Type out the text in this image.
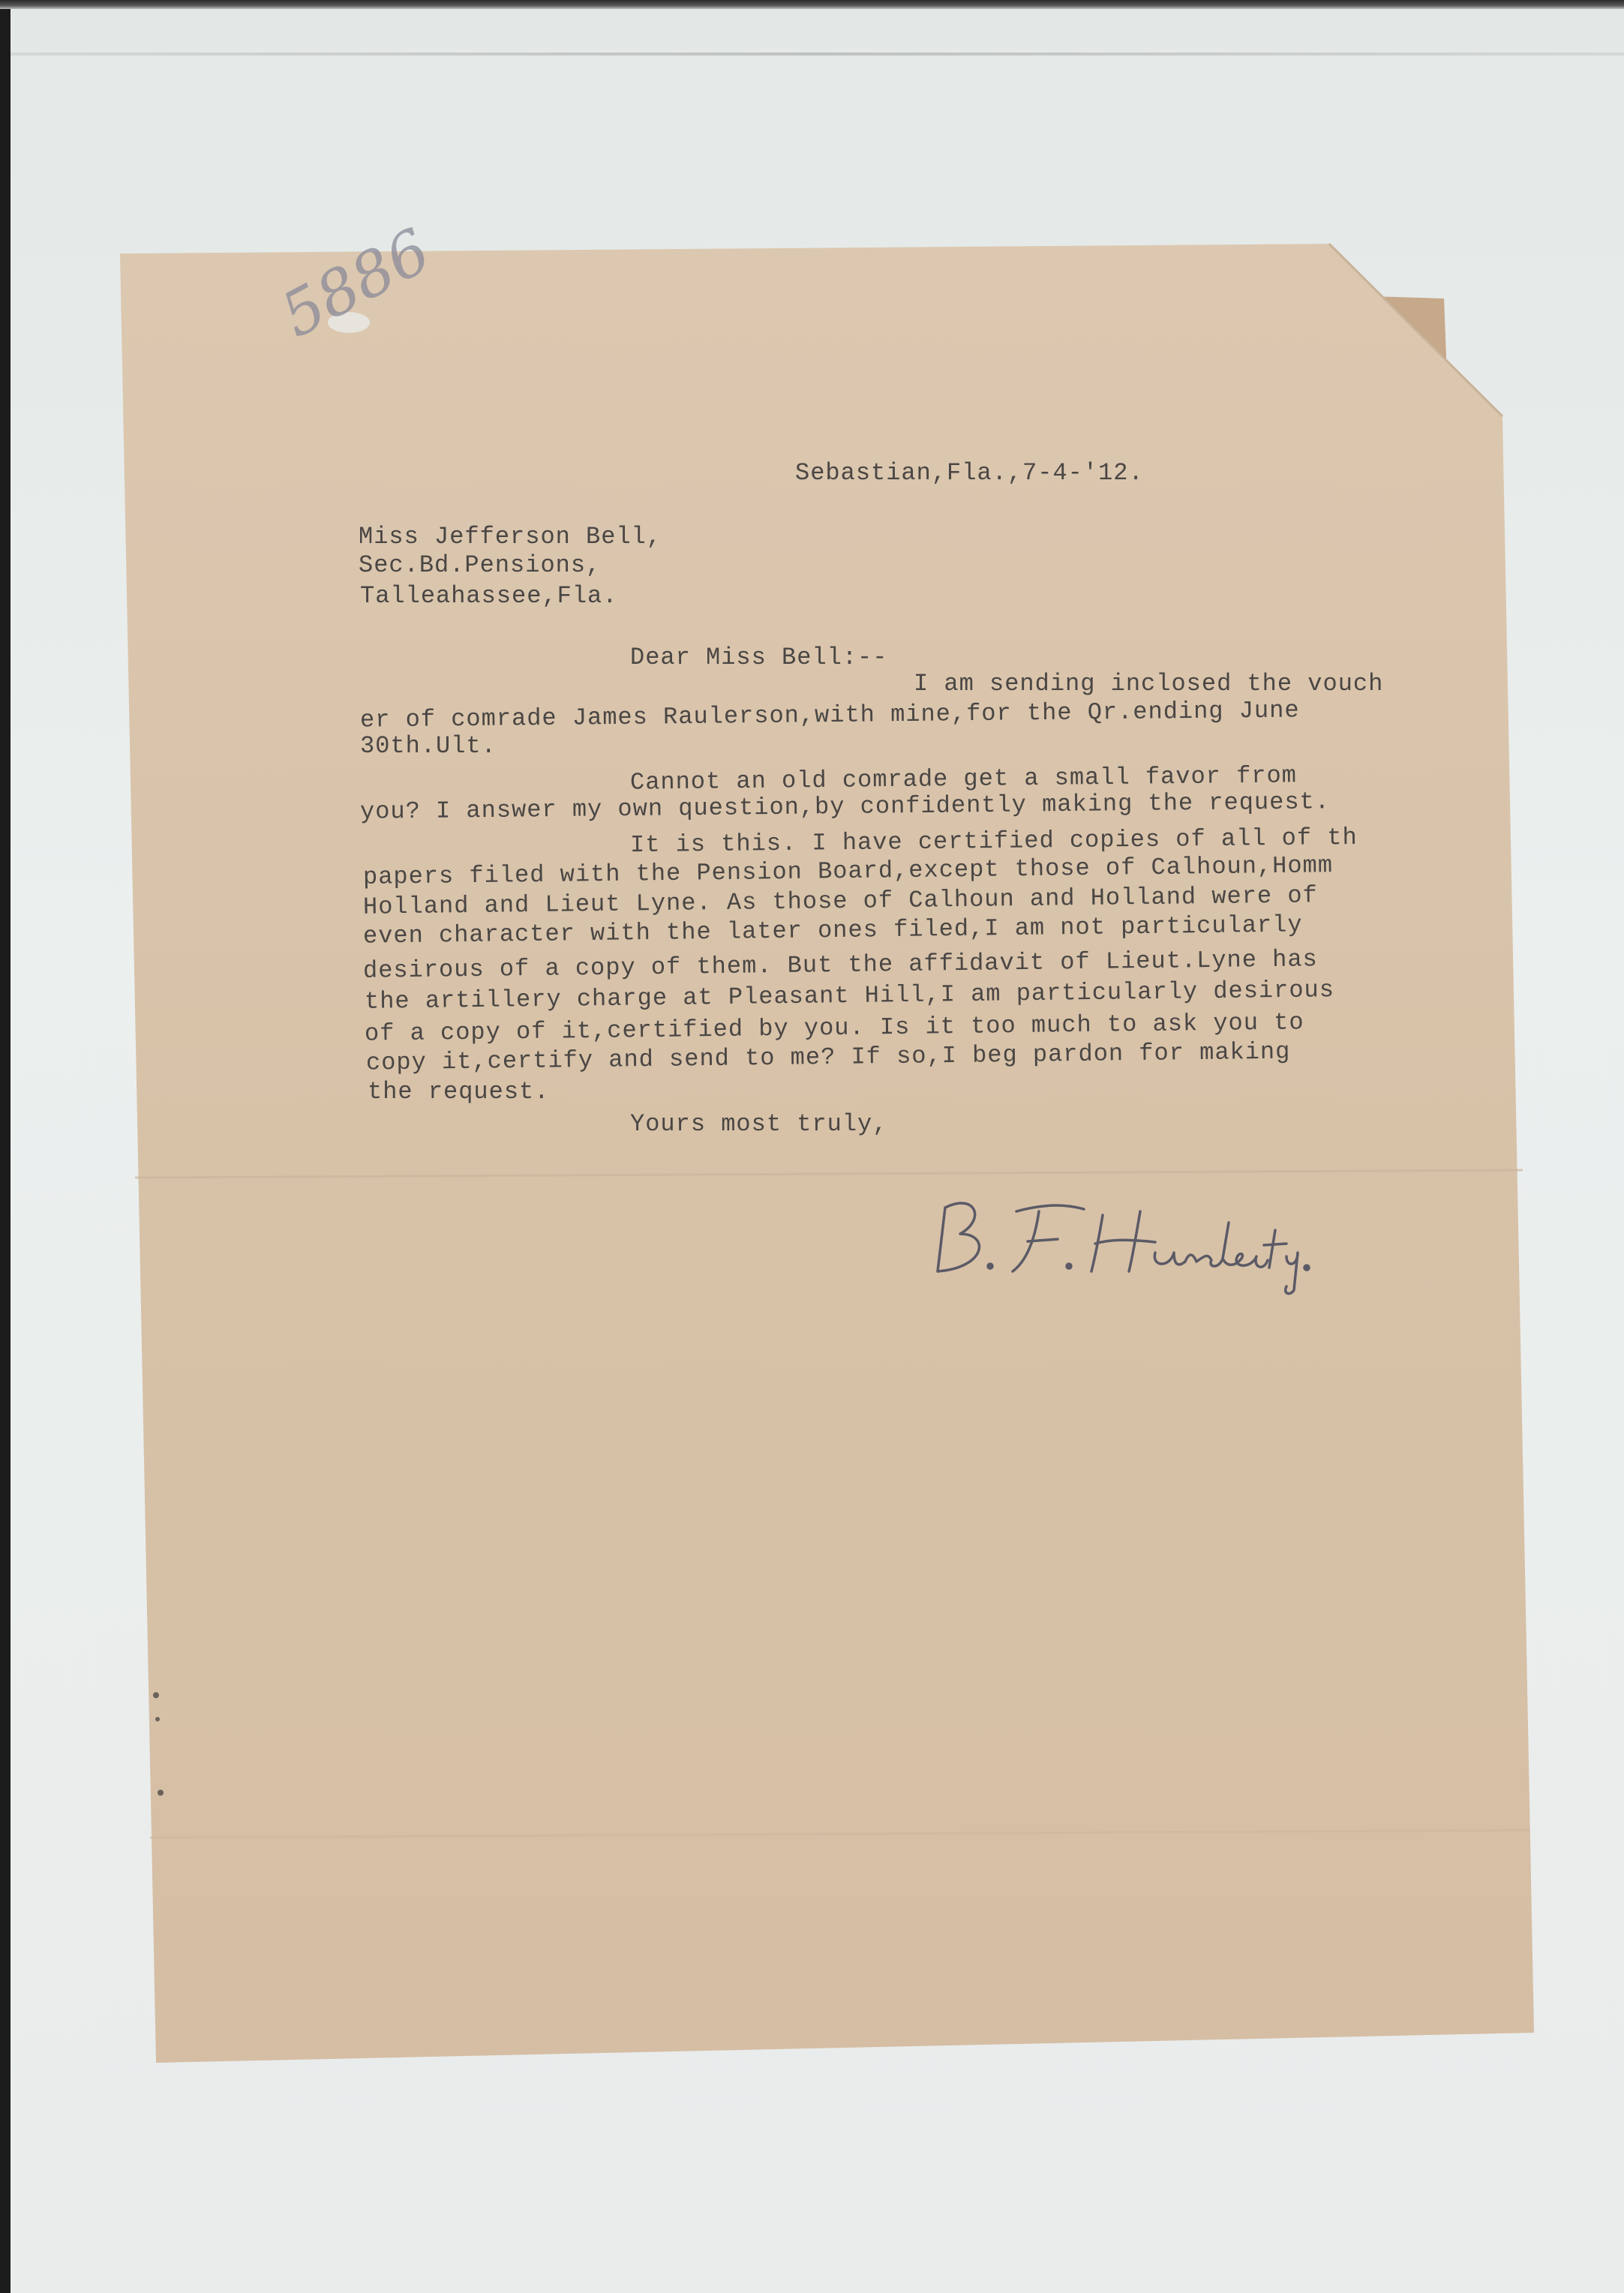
5886
Sebastian,Fla.,7-4-'12.
Miss Jefferson Bell,
Sec.Bd.Pensions,
Talleahassee,Fla.
Dear Miss Bell:--
I am sending inclosed the vouch
er of comrade James Raulerson,with mine,for the Qr.ending June
30th.Ult.
Cannot an old comrade get a small favor from
you? I answer my own question,by confidently making the request.
It is this. I have certified copies of all of th
papers filed with the Pension Board,except those of Calhoun,Homm
Holland and Lieut Lyne. As those of Calhoun and Holland were of
even character with the later ones filed,I am not particularly
desirous of a copy of them. But the affidavit of Lieut.Lyne has
the artillery charge at Pleasant Hill,I am particularly desirous
of a copy of it,certified by you. Is it too much to ask you to
copy it,certify and send to me? If so,I beg pardon for making
the request.
Yours most truly,
